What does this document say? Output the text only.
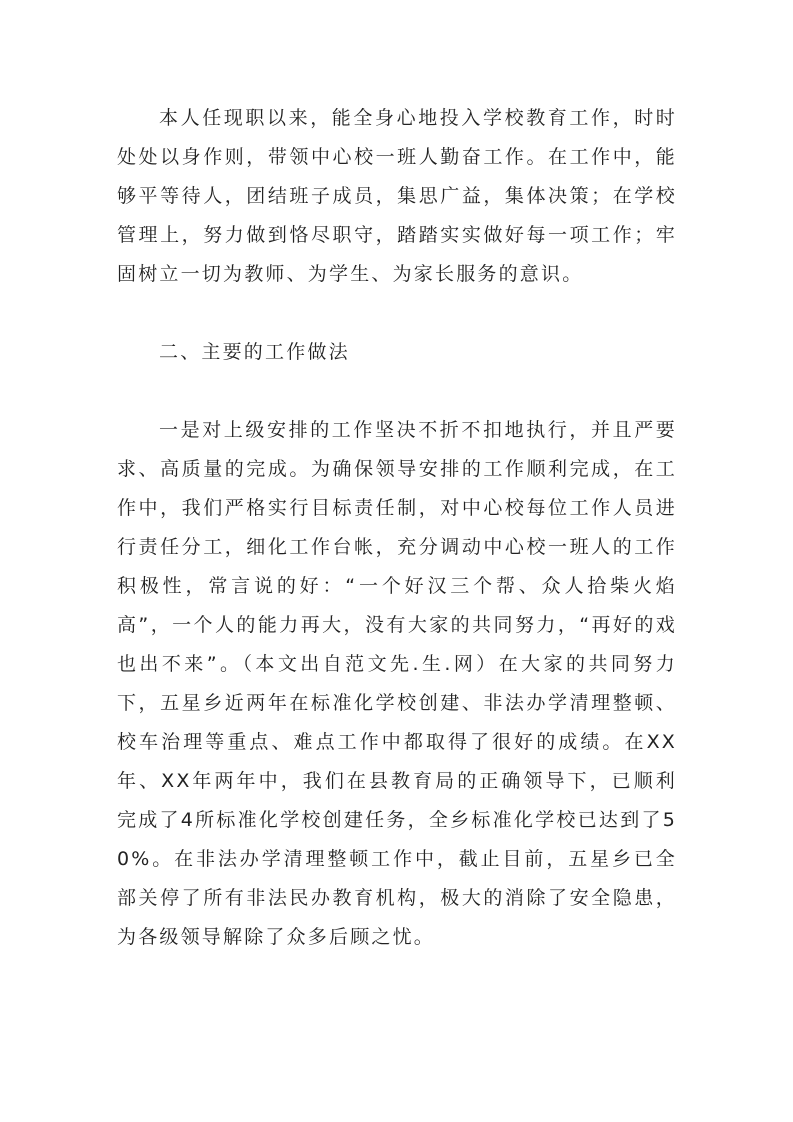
本人任现职以来，能全身心地投入学校教育工作，时时处处以身作则，带领中心校一班人勤奋工作。在工作中，能够平等待人，团结班子成员，集思广益，集体决策；在学校管理上，努力做到恪尽职守，踏踏实实做好每一项工作；牢固树立一切为教师、为学生、为家长服务的意识。

二、主要的工作做法

一是对上级安排的工作坚决不折不扣地执行，并且严要求、高质量的完成。为确保领导安排的工作顺利完成，在工作中，我们严格实行目标责任制，对中心校每位工作人员进行责任分工，细化工作台帐，充分调动中心校一班人的工作积极性，常言说的好：“一个好汉三个帮、众人拾柴火焰高”，一个人的能力再大，没有大家的共同努力，“再好的戏也出不来”。（本文出自范文先.生.网）在大家的共同努力下，五星乡近两年在标准化学校创建、非法办学清理整顿、校车治理等重点、难点工作中都取得了很好的成绩。在XX年、XX年两年中，我们在县教育局的正确领导下，已顺利完成了4所标准化学校创建任务，全乡标准化学校已达到了50%。在非法办学清理整顿工作中，截止目前，五星乡已全部关停了所有非法民办教育机构，极大的消除了安全隐患，为各级领导解除了众多后顾之忧。
